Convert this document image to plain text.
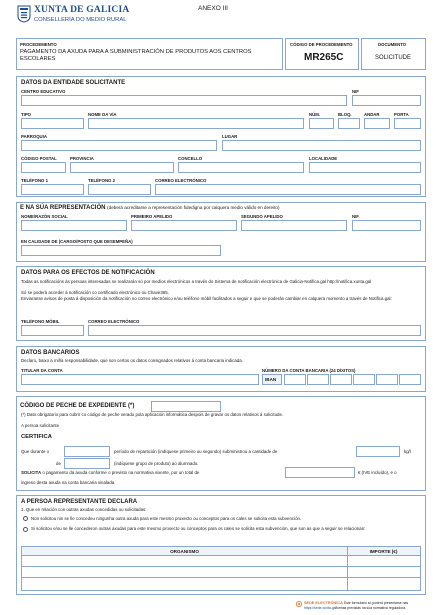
XUNTA DE GALICIA
CONSELLERÍA DO MEDIO RURAL
ANEXO III
PROCEDEMENTO
PAGAMENTO DA AXUDA PARA A SUBMINISTRACIÓN DE PRODUTOS AOS CENTROS ESCOLARES
CÓDIGO DE PROCEDEMENTO
MR265C
DOCUMENTO
SOLICITUDE
DATOS DA ENTIDADE SOLICITANTE
CENTRO EDUCATIVO	NIF
TIPO	NOME DA VÍA	NÚM.	BLOQ.	ANDAR	PORTA
PARROQUIA	LUGAR
CÓDIGO POSTAL	PROVINCIA	CONCELLO	LOCALIDADE
TELÉFONO 1	TELÉFONO 2	CORREO ELECTRÓNICO
E NA SÚA REPRESENTACIÓN (deberá acreditarse a representación fidedigna por calquera medio válido en dereito)
NOME/RAZÓN SOCIAL	PRIMEIRO APELIDO	SEGUNDO APELIDO	NIF
EN CALIDADE DE (CARGO/POSTO QUE DESEMPEÑA)
DATOS PARA OS EFECTOS DE NOTIFICACIÓN
Todas as notificacións ás persoas interesadas se realizarán só por medios electrónicos a través do Sistema de notificación electrónica de Galicia-Notifica.gal http://notifica.xunta.gal
Só se poderá acceder á notificación co certificado electrónico ou Chave365.
Enviaranse avisos de posta á disposición da notificación no correo electrónico e/ou teléfono móbil facilitados a seguir e que se poderán cambiar en calquera momento a través de Notifica.gal:
TELÉFONO MÓBIL	CORREO ELECTRÓNICO
DATOS BANCARIOS
Declaro, baixo a miña responsabilidade, que son certos os datos consignados relativos á conta bancaria indicada.
TITULAR DA CONTA	NÚMERO DA CONTA BANCARIA (24 DÍXITOS)
IBAN
CÓDIGO DE PECHE DE EXPEDIENTE (*)
(*) Dato obrigatorio para cubrir co código de peche xerado pola aplicación informática despois de gravar os datos relativos á solicitude.
A persoa solicitante
CERTIFICA
Que durante o	período de repartición (indíquese primeiro ou segundo) subministrou a cantidade de	kg/l
de	(indíquese grupo de produto) ao alumnado.
SOLICITA o pagamento da axuda conforme o previsto na normativa vixente, por un total de	€ (IVE incluído), e o
ingreso desta axuda na conta bancaria sinalada.
A PERSOA REPRESENTANTE DECLARA
1. Que en relación con outras axudas concedidas ou solicitadas:
Non solicitou nin se lle concedeu ningunha outra axuda para este mesmo proxecto ou conceptos para os cales se solicita esta subvención.
Si solicitou e/ou se lle concederon outras axudas para este mesmo proxecto ou conceptos para os cales se solicita esta subvención, que son as que a seguir se relacionan:
ORGANISMO	IMPORTE (€)
SEDE ELECTRÓNICA Este formulario só poderá presentarse nas
https://sede.xunta.gal formas previstas na súa normativa reguladora.
